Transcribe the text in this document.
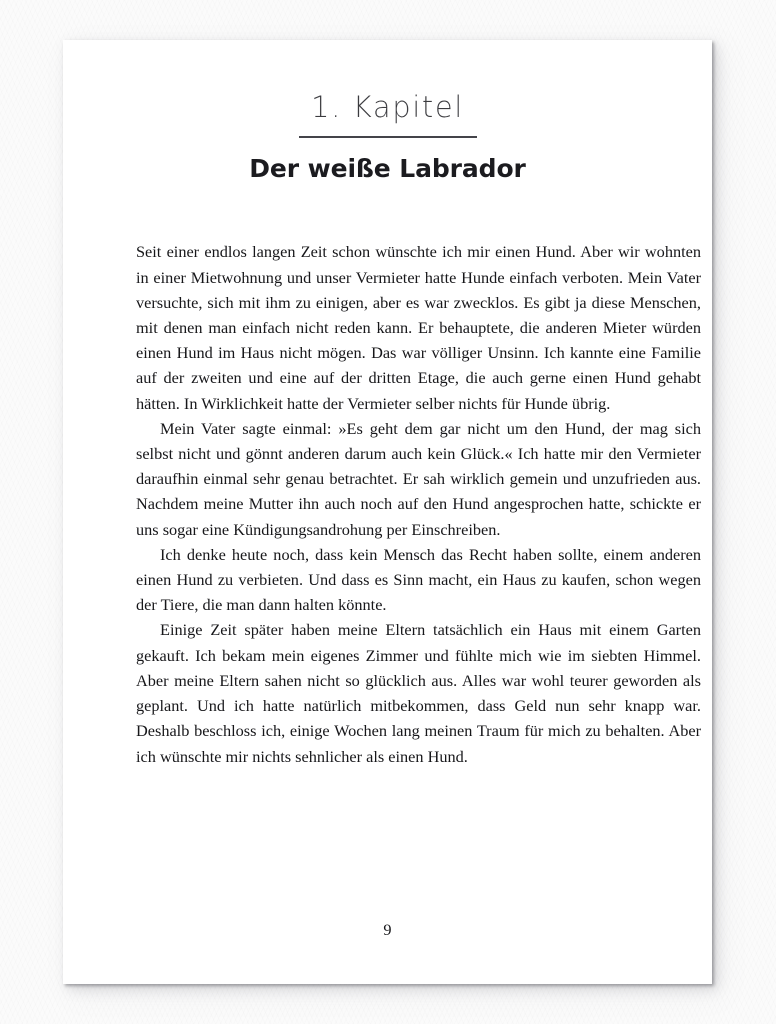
1. Kapitel
Der weiße Labrador

Seit einer endlos langen Zeit schon wünschte ich mir einen Hund. Aber wir wohnten in einer Mietwohnung und unser Vermieter hatte Hunde einfach verboten. Mein Vater versuchte, sich mit ihm zu einigen, aber es war zwecklos. Es gibt ja diese Menschen, mit denen man einfach nicht reden kann. Er behauptete, die anderen Mieter würden einen Hund im Haus nicht mögen. Das war völliger Unsinn. Ich kannte eine Familie auf der zweiten und eine auf der dritten Etage, die auch gerne einen Hund gehabt hätten. In Wirklichkeit hatte der Vermieter selber nichts für Hunde übrig.

Mein Vater sagte einmal: »Es geht dem gar nicht um den Hund, der mag sich selbst nicht und gönnt anderen darum auch kein Glück.« Ich hatte mir den Vermieter daraufhin einmal sehr genau betrachtet. Er sah wirklich gemein und unzufrieden aus. Nachdem meine Mutter ihn auch noch auf den Hund angesprochen hatte, schickte er uns sogar eine Kündigungsandrohung per Einschreiben.

Ich denke heute noch, dass kein Mensch das Recht haben sollte, einem anderen einen Hund zu verbieten. Und dass es Sinn macht, ein Haus zu kaufen, schon wegen der Tiere, die man dann halten könnte.

Einige Zeit später haben meine Eltern tatsächlich ein Haus mit einem Garten gekauft. Ich bekam mein eigenes Zimmer und fühlte mich wie im siebten Himmel. Aber meine Eltern sahen nicht so glücklich aus. Alles war wohl teurer geworden als geplant. Und ich hatte natürlich mitbekommen, dass Geld nun sehr knapp war. Deshalb beschloss ich, einige Wochen lang meinen Traum für mich zu behalten. Aber ich wünschte mir nichts sehnlicher als einen Hund.

9
